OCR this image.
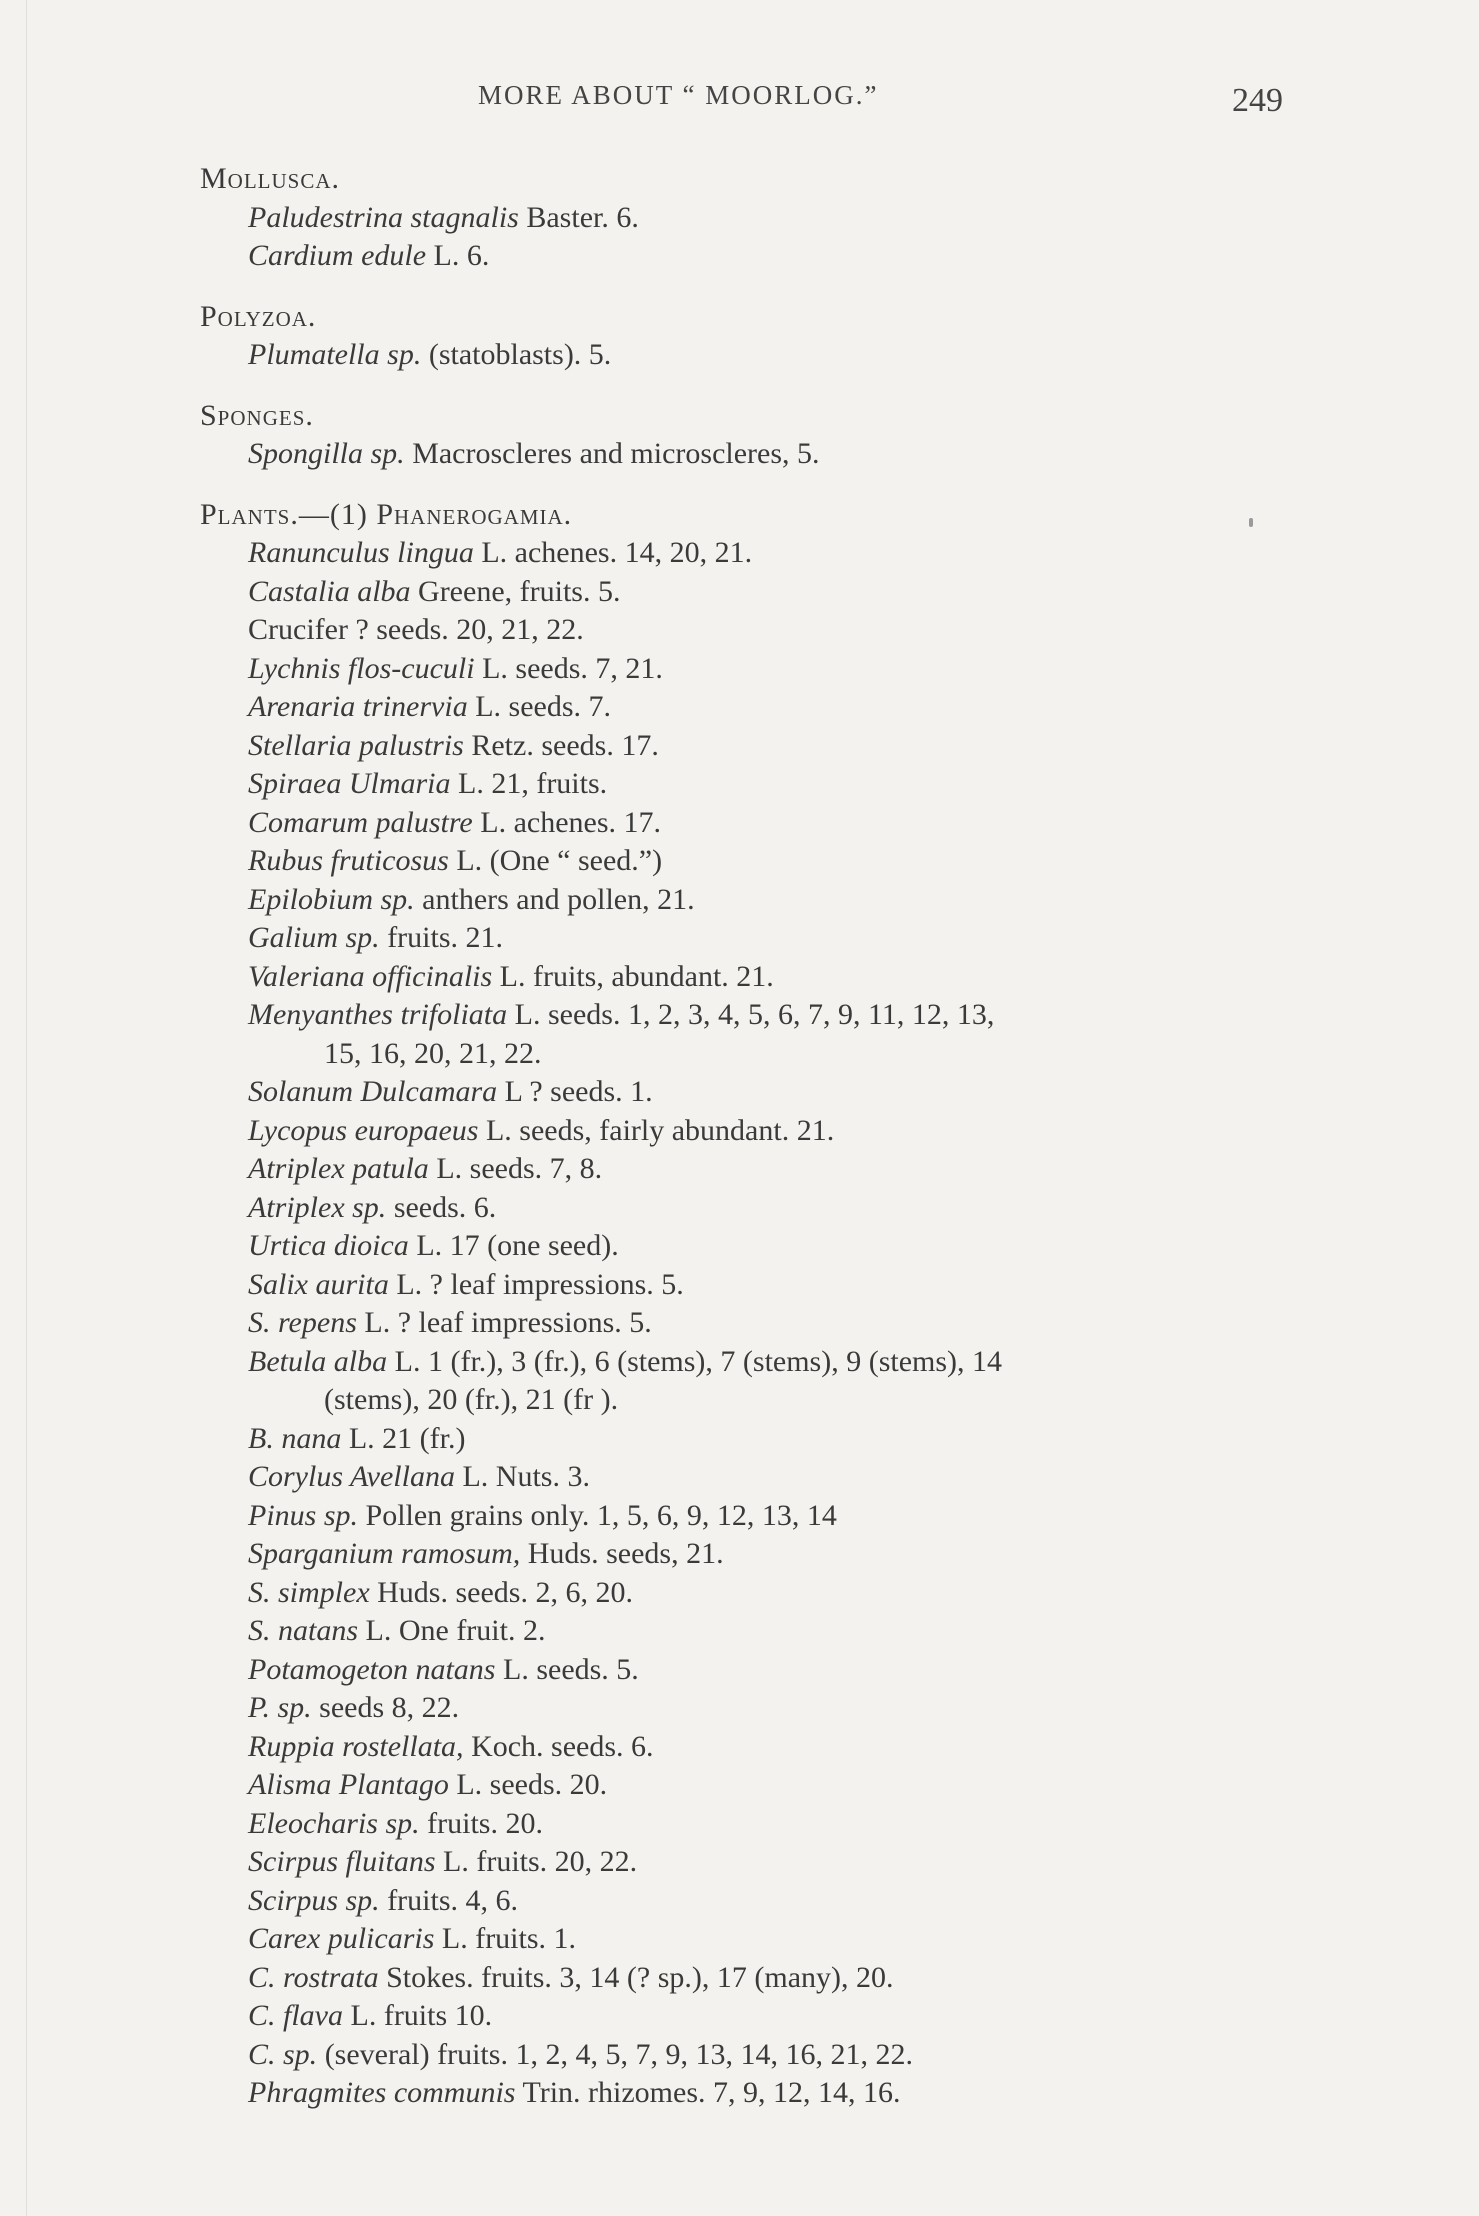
MORE ABOUT “ MOORLOG.”	249

Mollusca.

Paludestrina stagnalis Baster. 6.

Cardium edule L. 6.

Polyzoa.

Plumatella sp. (statoblasts). 5.

Sponges.

Spongilla sp. Macroscleres and microscleres, 5.

Plants.—(1) Phanerogamia.

Ranunculus lingua L. achenes. 14, 20, 21.

Castalia alba Greene, fruits. 5.

Crucifer ? seeds. 20, 21, 22.

Lychnis flos-cuculi L. seeds. 7, 21.

Arenaria trinervia L. seeds. 7.

Stellaria palustris Retz. seeds. 17.

Spiraea Ulmaria L. 21, fruits.

Comarum palustre L. achenes. 17.

Rubus fruticosus L. (One “ seed.”)

Epilobium sp. anthers and pollen, 21.

Galium sp. fruits. 21.

Valeriana officinalis L. fruits, abundant. 21.

Menyanthes trifoliata L. seeds. 1, 2, 3, 4, 5, 6, 7, 9, 11, 12, 13,

15, 16, 20, 21, 22.

Solanum Dulcamara L ? seeds. 1.

Lycopus europaeus L. seeds, fairly abundant. 21.

Atriplex patula L. seeds. 7, 8.

Atriplex sp. seeds. 6.

Urtica dioica L. 17 (one seed).

Salix aurita L. ? leaf impressions. 5.

S. repens L. ? leaf impressions. 5.

Betula alba L. 1 (fr.), 3 (fr.), 6 (stems), 7 (stems), 9 (stems), 14

(stems), 20 (fr.), 21 (fr ).

B. nana L. 21 (fr.)

Corylus Avellana L. Nuts. 3.

Pinus sp. Pollen grains only. 1, 5, 6, 9, 12, 13, 14

Sparganium ramosum, Huds. seeds, 21.

S. simplex Huds. seeds. 2, 6, 20.

S. natans L. One fruit. 2.

Potamogeton natans L. seeds. 5.

P. sp. seeds 8, 22.

Ruppia rostellata, Koch. seeds. 6.

Alisma Plantago L. seeds. 20.

Eleocharis sp. fruits. 20.

Scirpus fluitans L. fruits. 20, 22.

Scirpus sp. fruits. 4, 6.

Carex pulicaris L. fruits. 1.

C. rostrata Stokes. fruits. 3, 14 (? sp.), 17 (many), 20.

C. flava L. fruits 10.

C. sp. (several) fruits. 1, 2, 4, 5, 7, 9, 13, 14, 16, 21, 22.

Phragmites communis Trin. rhizomes. 7, 9, 12, 14, 16.
